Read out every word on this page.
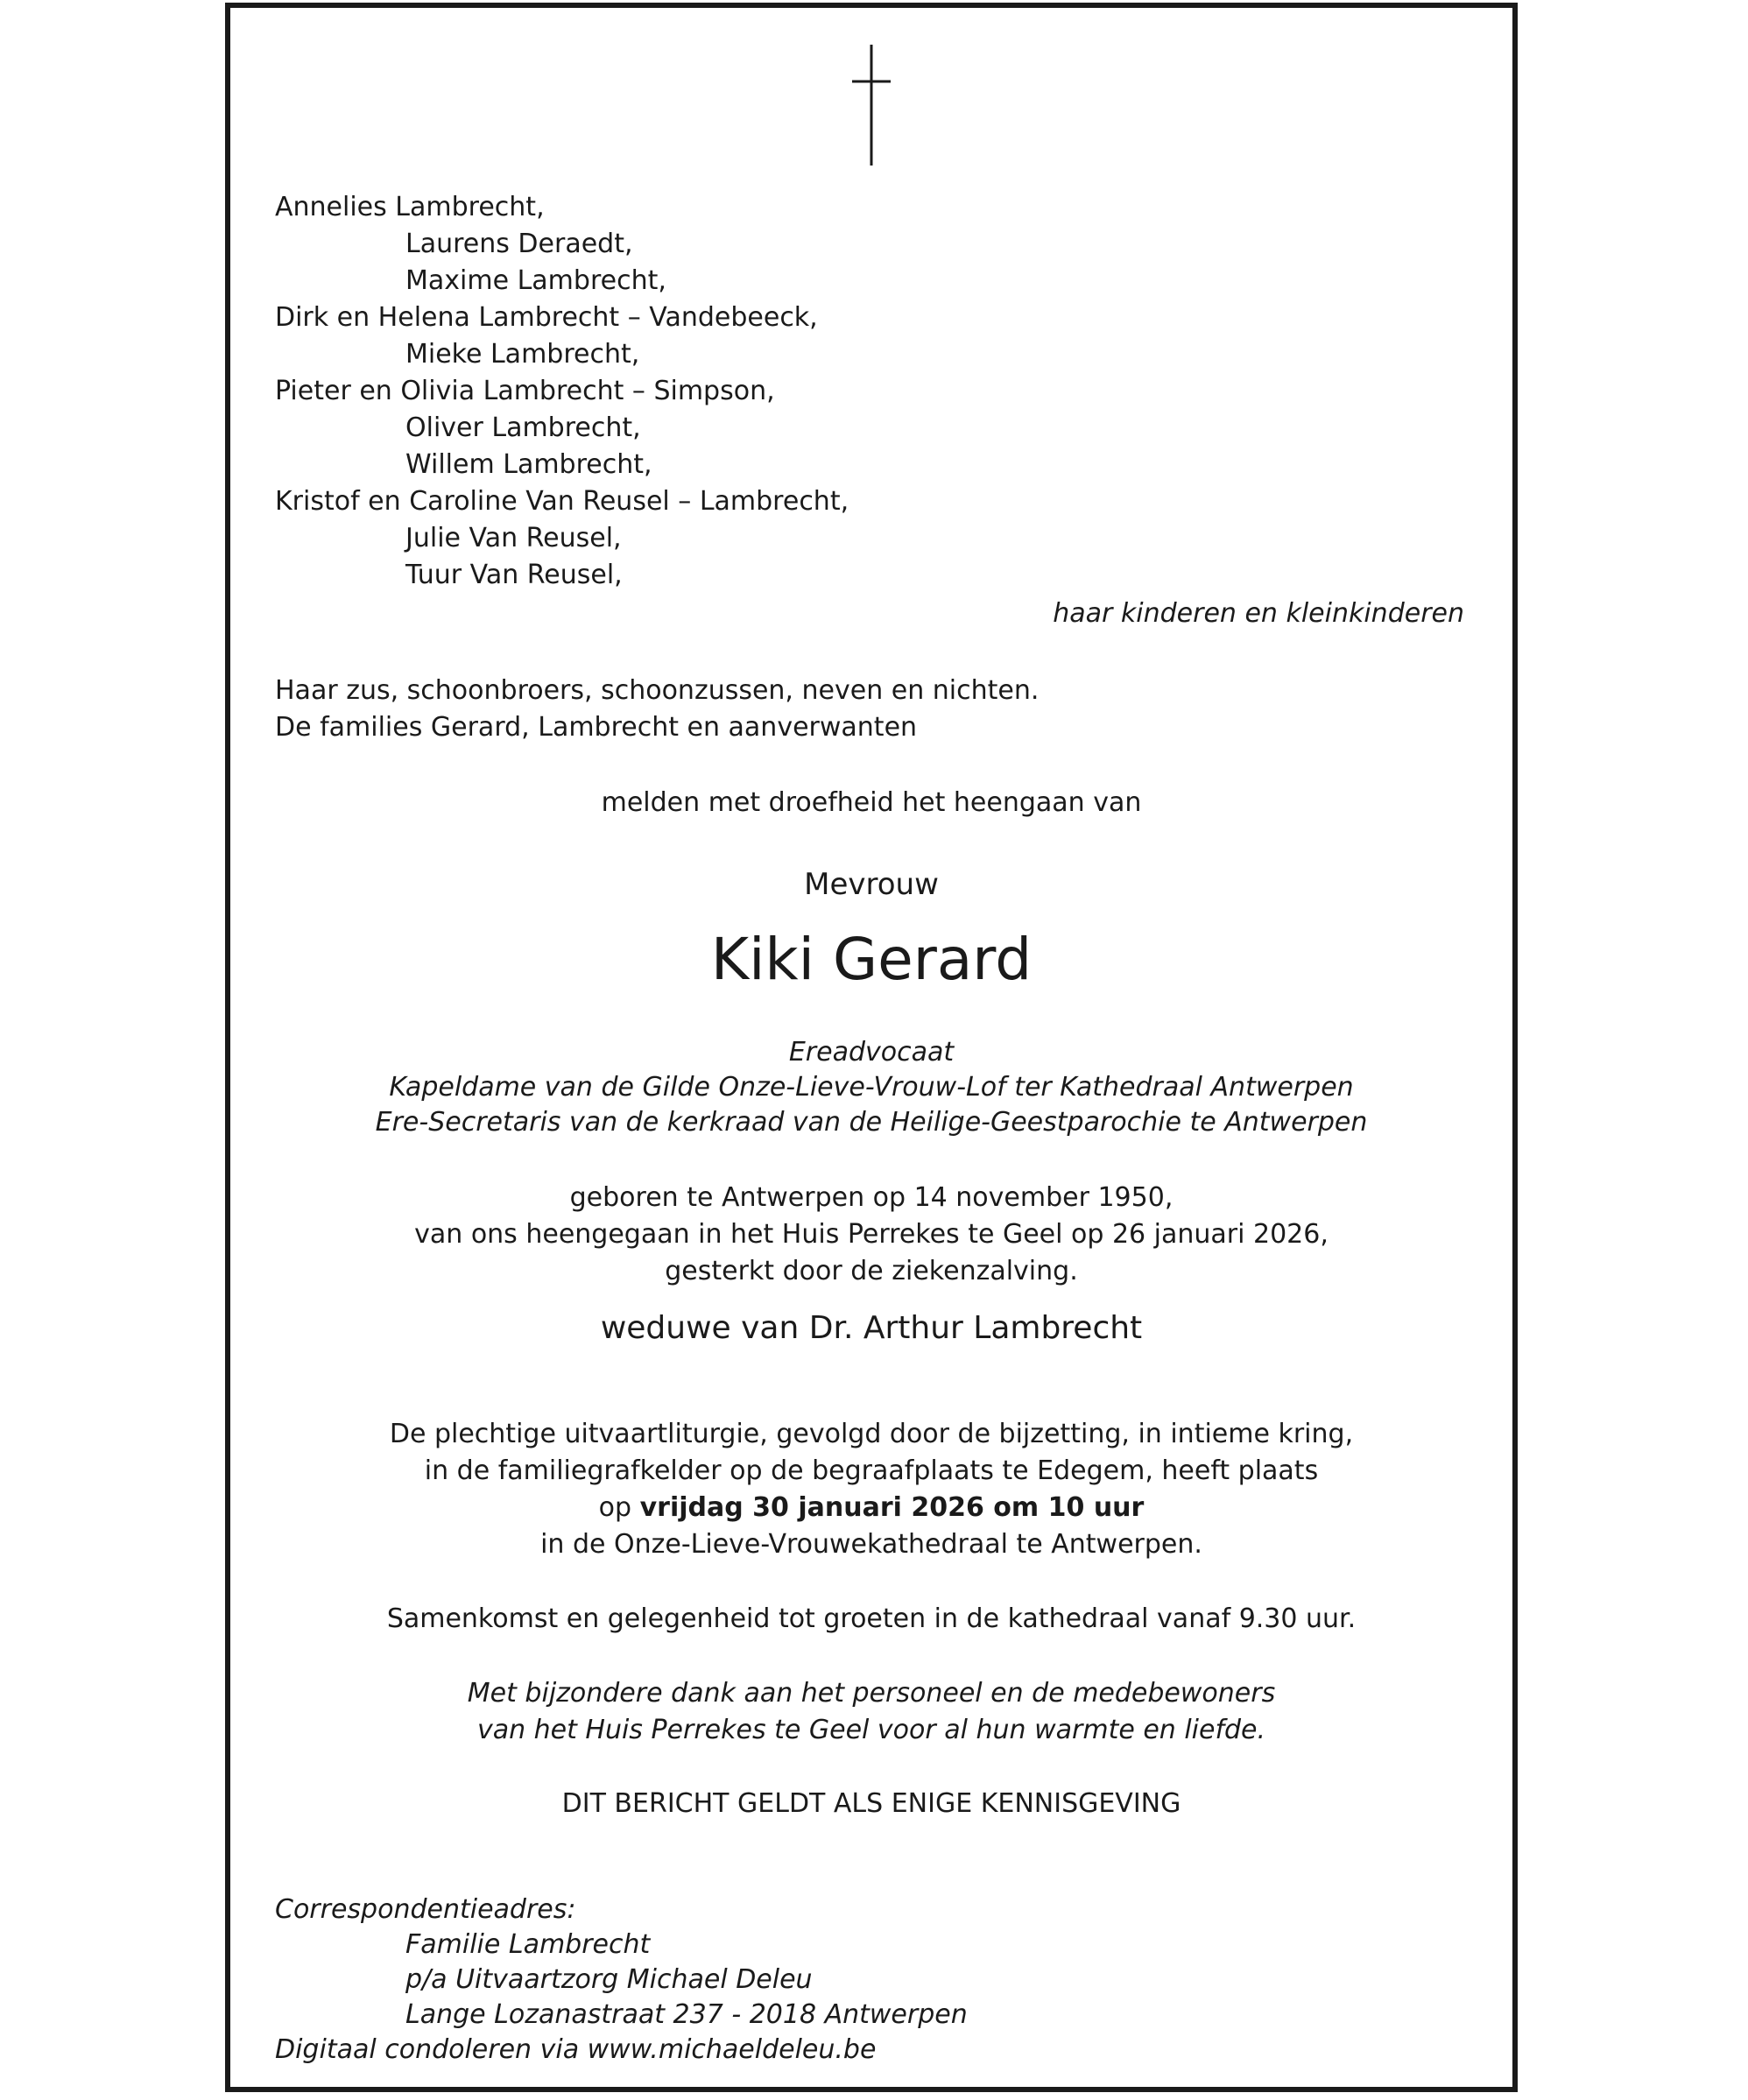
Annelies Lambrecht,
Laurens Deraedt,
Maxime Lambrecht,
Dirk en Helena Lambrecht – Vandebeeck,
Mieke Lambrecht,
Pieter en Olivia Lambrecht – Simpson,
Oliver Lambrecht,
Willem Lambrecht,
Kristof en Caroline Van Reusel – Lambrecht,
Julie Van Reusel,
Tuur Van Reusel,
haar kinderen en kleinkinderen
Haar zus, schoonbroers, schoonzussen, neven en nichten.
De families Gerard, Lambrecht en aanverwanten
melden met droefheid het heengaan van
Mevrouw
Kiki Gerard
Ereadvocaat
Kapeldame van de Gilde Onze-Lieve-Vrouw-Lof ter Kathedraal Antwerpen
Ere-Secretaris van de kerkraad van de Heilige-Geestparochie te Antwerpen
geboren te Antwerpen op 14 november 1950,
van ons heengegaan in het Huis Perrekes te Geel op 26 januari 2026,
gesterkt door de ziekenzalving.
weduwe van Dr. Arthur Lambrecht
De plechtige uitvaartliturgie, gevolgd door de bijzetting, in intieme kring,
in de familiegrafkelder op de begraafplaats te Edegem, heeft plaats
op vrijdag 30 januari 2026 om 10 uur
in de Onze-Lieve-Vrouwekathedraal te Antwerpen.
Samenkomst en gelegenheid tot groeten in de kathedraal vanaf 9.30 uur.
Met bijzondere dank aan het personeel en de medebewoners
van het Huis Perrekes te Geel voor al hun warmte en liefde.
DIT BERICHT GELDT ALS ENIGE KENNISGEVING
Correspondentieadres:
Familie Lambrecht
p/a Uitvaartzorg Michael Deleu
Lange Lozanastraat 237 - 2018 Antwerpen
Digitaal condoleren via www.michaeldeleu.be
